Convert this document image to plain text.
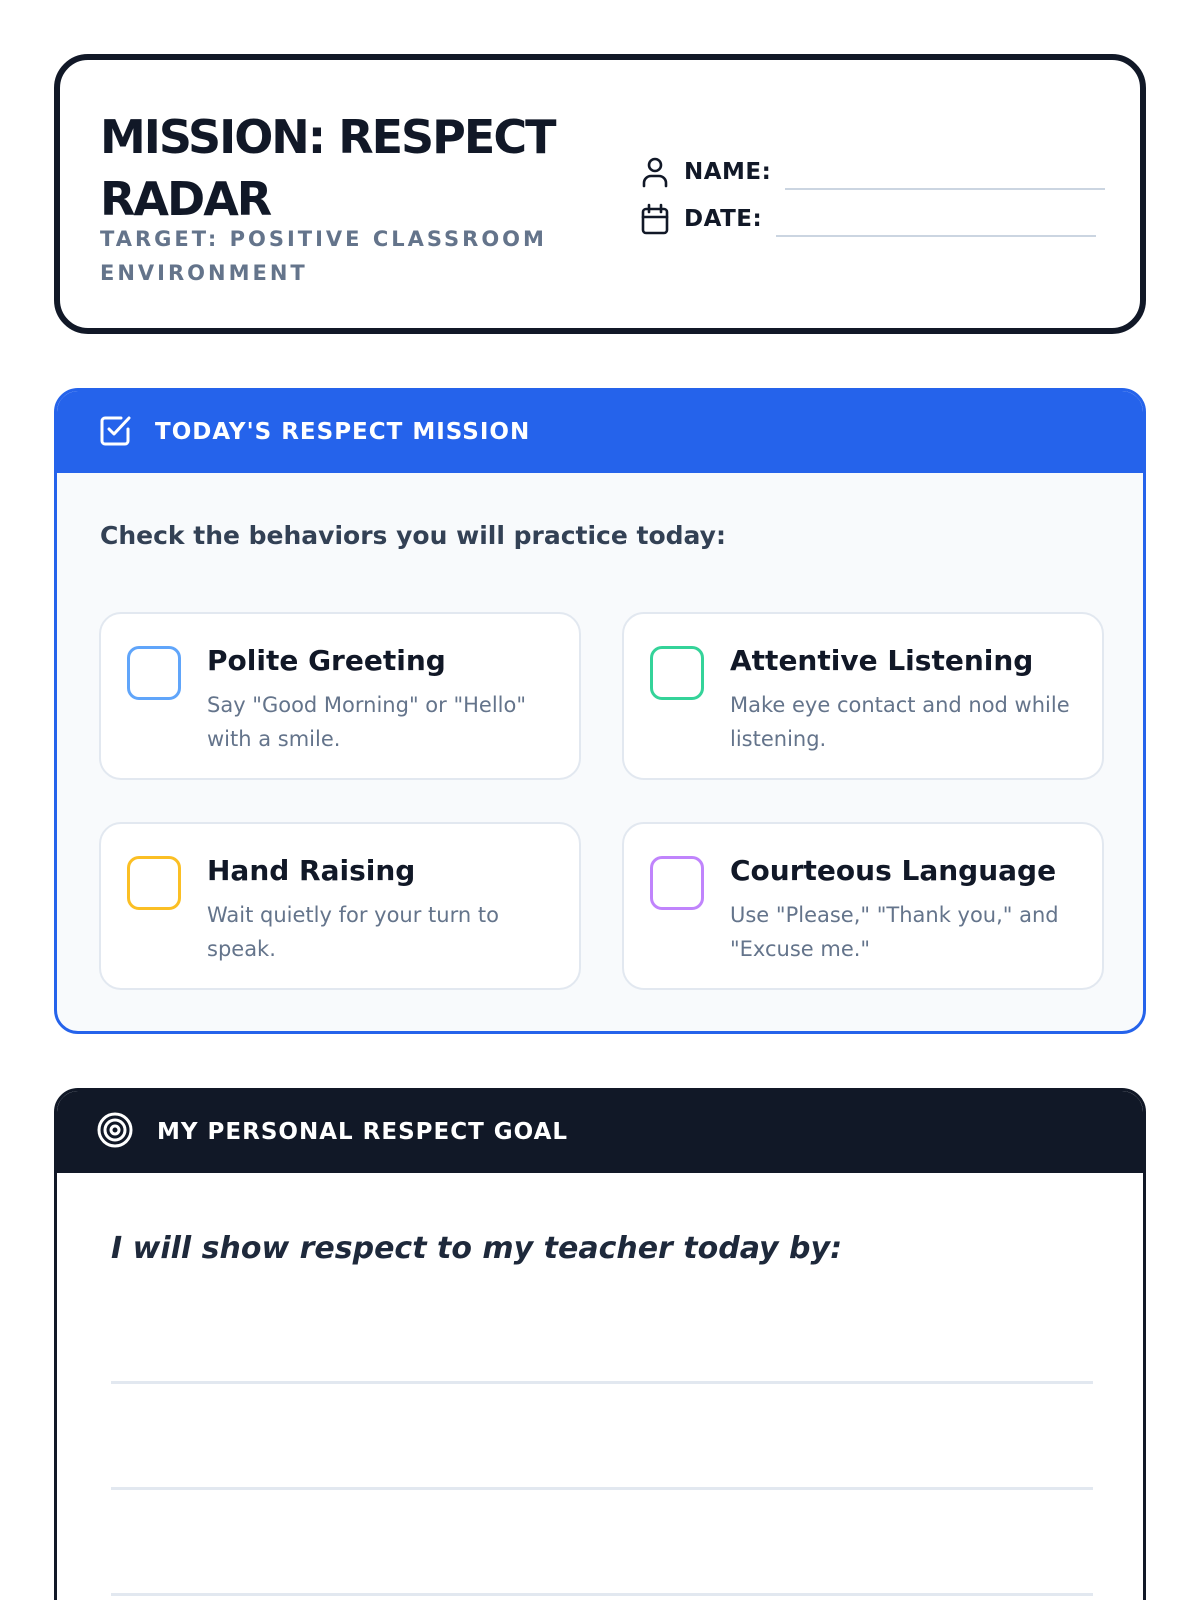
MISSION: RESPECT RADAR
TARGET: POSITIVE CLASSROOM ENVIRONMENT
NAME:
DATE:
TODAY'S RESPECT MISSION
Check the behaviors you will practice today:
Polite Greeting
Say "Good Morning" or "Hello" with a smile.
Attentive Listening
Make eye contact and nod while listening.
Hand Raising
Wait quietly for your turn to speak.
Courteous Language
Use "Please," "Thank you," and "Excuse me."
MY PERSONAL RESPECT GOAL
I will show respect to my teacher today by:
